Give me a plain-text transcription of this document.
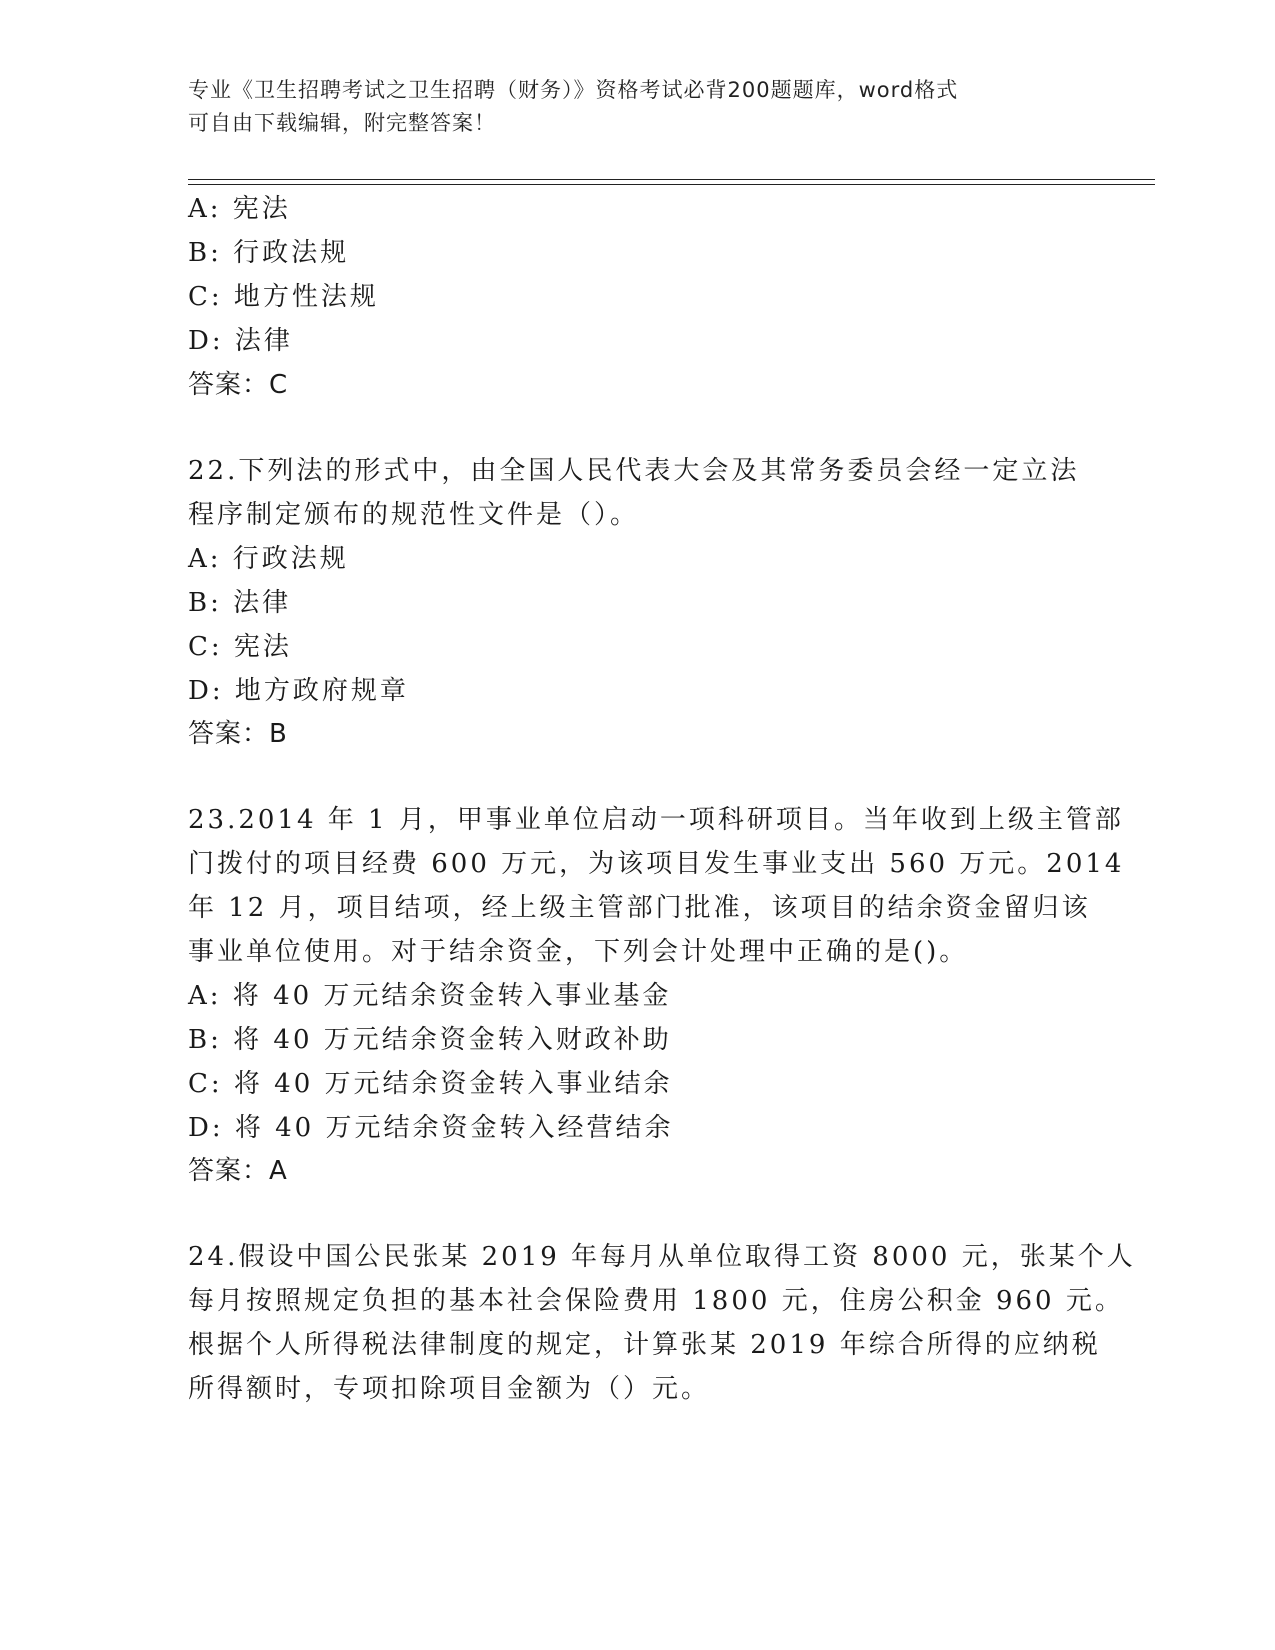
专业《卫生招聘考试之卫生招聘（财务）》资格考试必背200题题库，word格式

可自由下载编辑，附完整答案！

A: 宪法
B: 行政法规
C: 地方性法规
D: 法律
答案：C
22.下列法的形式中，由全国人民代表大会及其常务委员会经一定立法
程序制定颁布的规范性文件是（）。
A: 行政法规
B: 法律
C: 宪法
D: 地方政府规章
答案：B
23.2014 年 1 月，甲事业单位启动一项科研项目。当年收到上级主管部
门拨付的项目经费 600 万元，为该项目发生事业支出 560 万元。2014
年 12 月，项目结项，经上级主管部门批准，该项目的结余资金留归该
事业单位使用。对于结余资金，下列会计处理中正确的是()。
A: 将 40 万元结余资金转入事业基金
B: 将 40 万元结余资金转入财政补助
C: 将 40 万元结余资金转入事业结余
D: 将 40 万元结余资金转入经营结余
答案：A
24.假设中国公民张某 2019 年每月从单位取得工资 8000 元，张某个人
每月按照规定负担的基本社会保险费用 1800 元，住房公积金 960 元。
根据个人所得税法律制度的规定，计算张某 2019 年综合所得的应纳税
所得额时，专项扣除项目金额为（）元。
